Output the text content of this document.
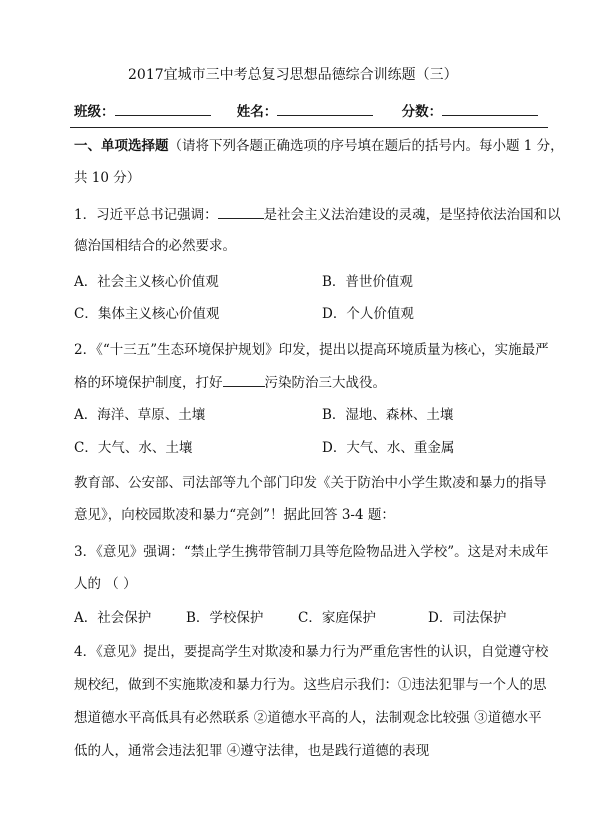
2017宜城市三中考总复习思想品德综合训练题（三）
班级：	姓名：	分数：
一、单项选择题（请将下列各题正确选项的序号填在题后的括号内。每小题 1 分，
共 10 分）
1．习近平总书记强调：	是社会主义法治建设的灵魂，是坚持依法治国和以
德治国相结合的必然要求。
A．社会主义核心价值观	B．普世价值观
C．集体主义核心价值观	D．个人价值观
2．《“十三五”生态环境保护规划》印发，提出以提高环境质量为核心，实施最严
格的环境保护制度，打好	污染防治三大战役。
A．海洋、草原、土壤	B．湿地、森林、土壤
C．大气、水、土壤	D．大气、水、重金属
教育部、公安部、司法部等九个部门印发《关于防治中小学生欺凌和暴力的指导
意见》，向校园欺凌和暴力“亮剑”！据此回答 3-4 题：
3．《意见》强调：“禁止学生携带管制刀具等危险物品进入学校”。这是对未成年
人的 （ ）
A．社会保护	B．学校保护	C．家庭保护	D．司法保护
4．《意见》提出，要提高学生对欺凌和暴力行为严重危害性的认识，自觉遵守校
规校纪，做到不实施欺凌和暴力行为。这些启示我们：①违法犯罪与一个人的思
想道德水平高低具有必然联系 ②道德水平高的人，法制观念比较强 ③道德水平
低的人，通常会违法犯罪 ④遵守法律，也是践行道德的表现
